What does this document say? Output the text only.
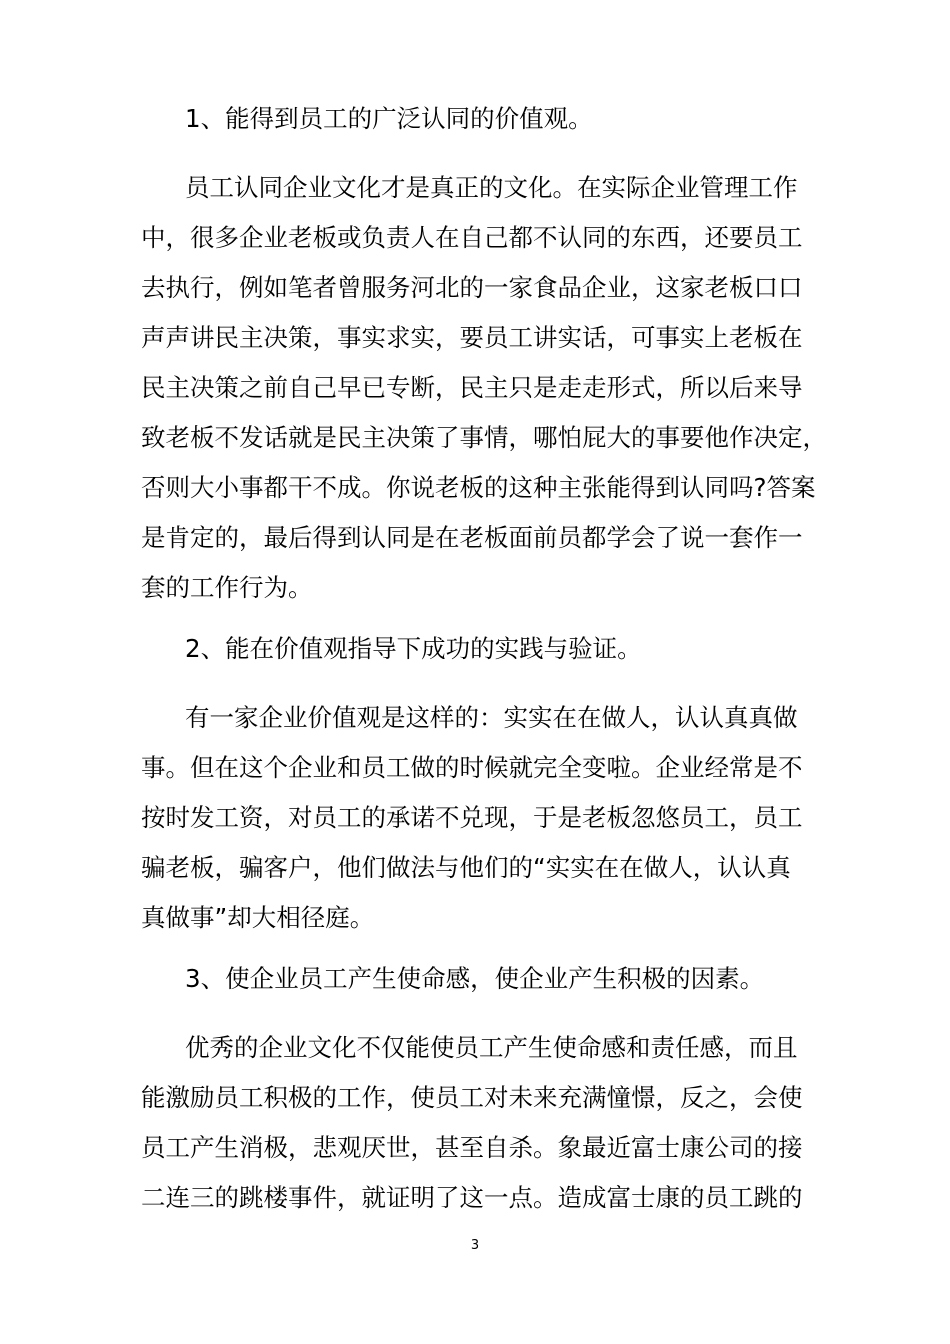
1、能得到员工的广泛认同的价值观。
员工认同企业文化才是真正的文化。在实际企业管理工作
中，很多企业老板或负责人在自己都不认同的东西，还要员工
去执行，例如笔者曾服务河北的一家食品企业，这家老板口口
声声讲民主决策，事实求实，要员工讲实话，可事实上老板在
民主决策之前自己早已专断，民主只是走走形式，所以后来导
致老板不发话就是民主决策了事情，哪怕屁大的事要他作决定，
否则大小事都干不成。你说老板的这种主张能得到认同吗?答案
是肯定的，最后得到认同是在老板面前员都学会了说一套作一
套的工作行为。
2、能在价值观指导下成功的实践与验证。
有一家企业价值观是这样的：实实在在做人，认认真真做
事。但在这个企业和员工做的时候就完全变啦。企业经常是不
按时发工资，对员工的承诺不兑现，于是老板忽悠员工，员工
骗老板，骗客户，他们做法与他们的“实实在在做人，认认真
真做事”却大相径庭。
3、使企业员工产生使命感，使企业产生积极的因素。
优秀的企业文化不仅能使员工产生使命感和责任感，而且
能激励员工积极的工作，使员工对未来充满憧憬，反之，会使
员工产生消极，悲观厌世，甚至自杀。象最近富士康公司的接
二连三的跳楼事件，就证明了这一点。造成富士康的员工跳的
3
